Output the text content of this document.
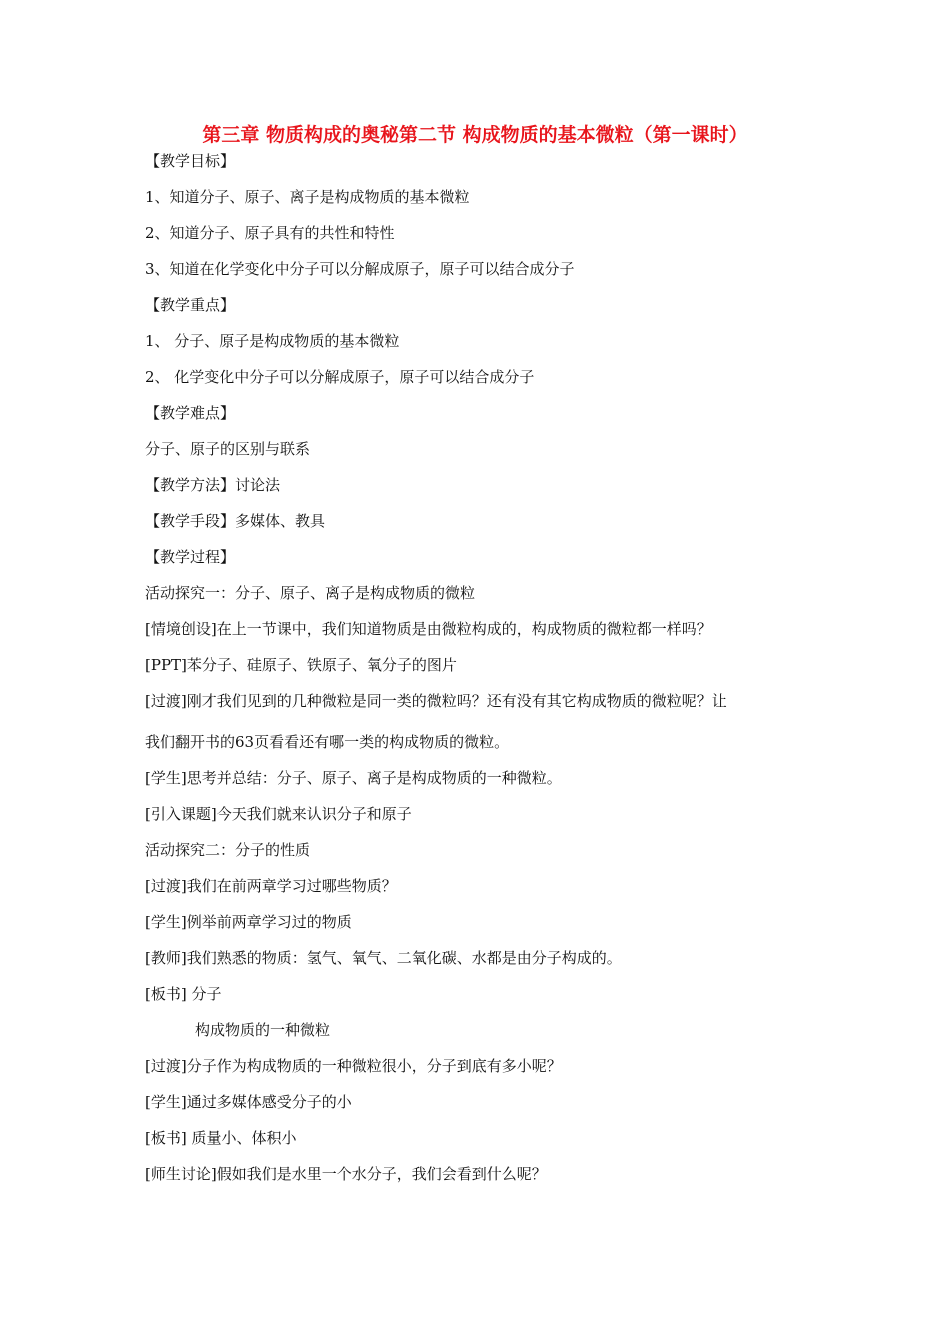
第三章 物质构成的奥秘第二节 构成物质的基本微粒（第一课时）
【教学目标】
1、知道分子、原子、离子是构成物质的基本微粒
2、知道分子、原子具有的共性和特性
3、知道在化学变化中分子可以分解成原子，原子可以结合成分子
【教学重点】
1、 分子、原子是构成物质的基本微粒
2、 化学变化中分子可以分解成原子，原子可以结合成分子
【教学难点】
分子、原子的区别与联系
【教学方法】讨论法
【教学手段】多媒体、教具
【教学过程】
活动探究一：分子、原子、离子是构成物质的微粒
[情境创设]在上一节课中，我们知道物质是由微粒构成的，构成物质的微粒都一样吗？
[PPT]苯分子、硅原子、铁原子、氧分子的图片
[过渡]刚才我们见到的几种微粒是同一类的微粒吗？还有没有其它构成物质的微粒呢？让
我们翻开书的63页看看还有哪一类的构成物质的微粒。
[学生]思考并总结：分子、原子、离子是构成物质的一种微粒。
[引入课题]今天我们就来认识分子和原子
活动探究二：分子的性质
[过渡]我们在前两章学习过哪些物质？
[学生]例举前两章学习过的物质
[教师]我们熟悉的物质：氢气、氧气、二氧化碳、水都是由分子构成的。
[板书] 分子
构成物质的一种微粒
[过渡]分子作为构成物质的一种微粒很小，分子到底有多小呢？
[学生]通过多媒体感受分子的小
[板书] 质量小、体积小
[师生讨论]假如我们是水里一个水分子，我们会看到什么呢？
